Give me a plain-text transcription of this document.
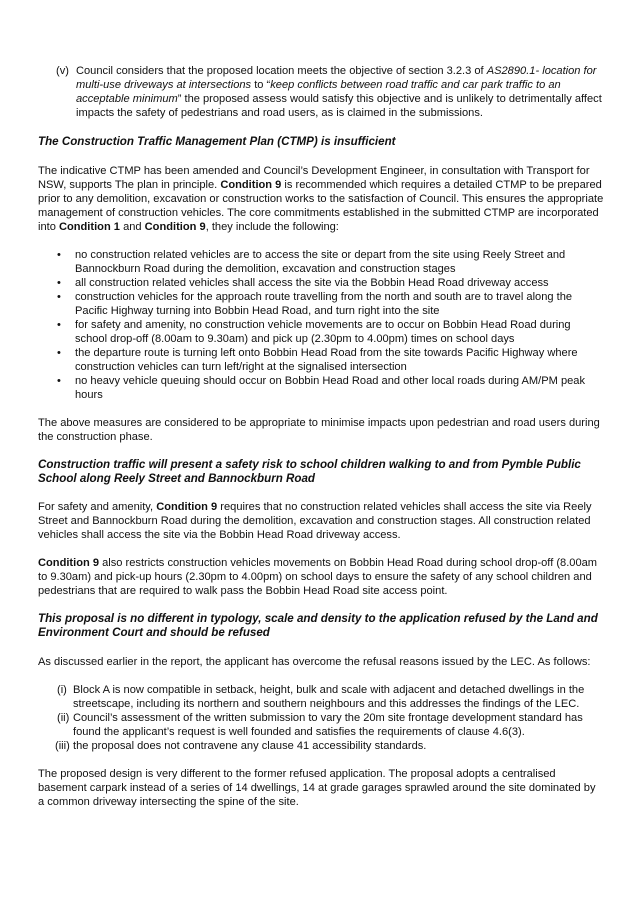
(v) Council considers that the proposed location meets the objective of section 3.2.3 of AS2890.1- location for multi-use driveways at intersections to “keep conflicts between road traffic and car park traffic to an acceptable minimum” the proposed assess would satisfy this objective and is unlikely to detrimentally affect impacts the safety of pedestrians and road users, as is claimed in the submissions.

The Construction Traffic Management Plan (CTMP) is insufficient

The indicative CTMP has been amended and Council’s Development Engineer, in consultation with Transport for NSW, supports The plan in principle. Condition 9 is recommended which requires a detailed CTMP to be prepared prior to any demolition, excavation or construction works to the satisfaction of Council. This ensures the appropriate management of construction vehicles. The core commitments established in the submitted CTMP are incorporated into Condition 1 and Condition 9, they include the following:

• no construction related vehicles are to access the site or depart from the site using Reely Street and Bannockburn Road during the demolition, excavation and construction stages
• all construction related vehicles shall access the site via the Bobbin Head Road driveway access
• construction vehicles for the approach route travelling from the north and south are to travel along the Pacific Highway turning into Bobbin Head Road, and turn right into the site
• for safety and amenity, no construction vehicle movements are to occur on Bobbin Head Road during school drop-off (8.00am to 9.30am) and pick up (2.30pm to 4.00pm) times on school days
• the departure route is turning left onto Bobbin Head Road from the site towards Pacific Highway where construction vehicles can turn left/right at the signalised intersection
• no heavy vehicle queuing should occur on Bobbin Head Road and other local roads during AM/PM peak hours

The above measures are considered to be appropriate to minimise impacts upon pedestrian and road users during the construction phase.

Construction traffic will present a safety risk to school children walking to and from Pymble Public School along Reely Street and Bannockburn Road

For safety and amenity, Condition 9 requires that no construction related vehicles shall access the site via Reely Street and Bannockburn Road during the demolition, excavation and construction stages. All construction related vehicles shall access the site via the Bobbin Head Road driveway access.

Condition 9 also restricts construction vehicles movements on Bobbin Head Road during school drop-off (8.00am to 9.30am) and pick-up hours (2.30pm to 4.00pm) on school days to ensure the safety of any school children and pedestrians that are required to walk pass the Bobbin Head Road site access point.

This proposal is no different in typology, scale and density to the application refused by the Land and Environment Court and should be refused

As discussed earlier in the report, the applicant has overcome the refusal reasons issued by the LEC. As follows:

(i) Block A is now compatible in setback, height, bulk and scale with adjacent and detached dwellings in the streetscape, including its northern and southern neighbours and this addresses the findings of the LEC.
(ii) Council’s assessment of the written submission to vary the 20m site frontage development standard has found the applicant’s request is well founded and satisfies the requirements of clause 4.6(3).
(iii) the proposal does not contravene any clause 41 accessibility standards.

The proposed design is very different to the former refused application. The proposal adopts a centralised basement carpark instead of a series of 14 dwellings, 14 at grade garages sprawled around the site dominated by a common driveway intersecting the spine of the site.
